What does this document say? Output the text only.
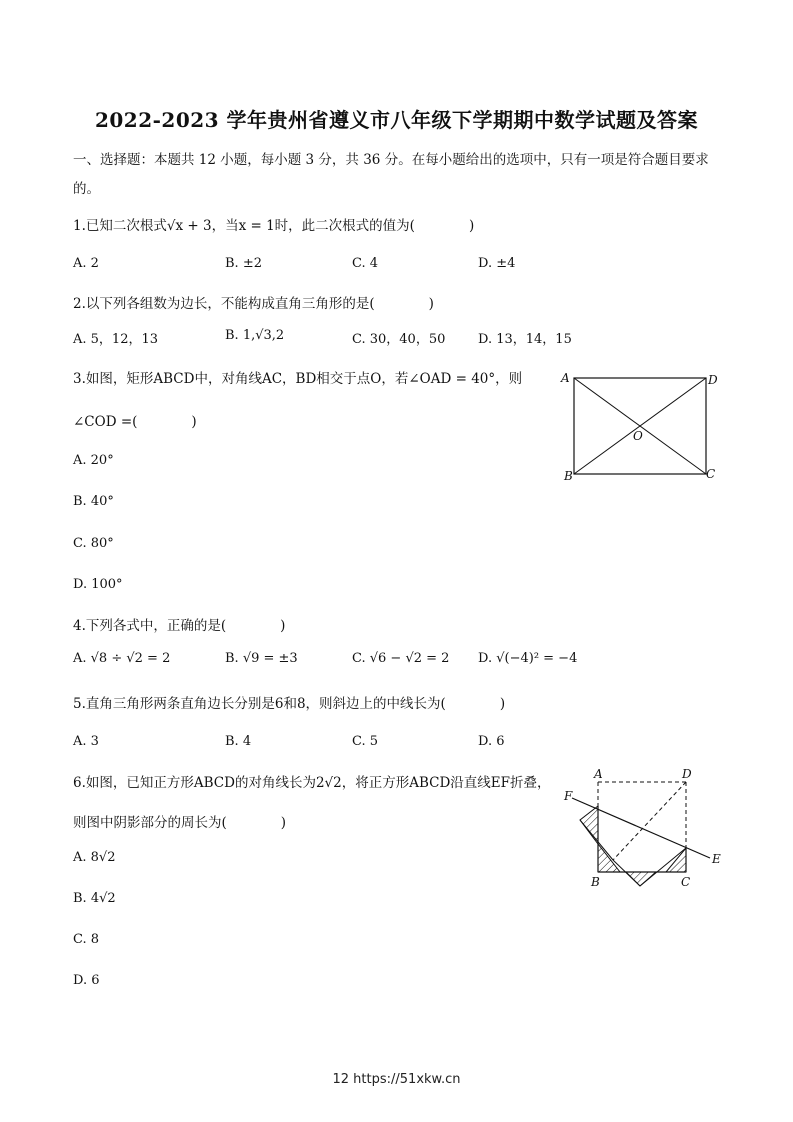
2022-2023 学年贵州省遵义市八年级下学期期中数学试题及答案
一、选择题：本题共 12 小题，每小题 3 分，共 36 分。在每小题给出的选项中，只有一项是符合题目要求
的。
1.已知二次根式√x + 3，当x = 1时，此二次根式的值为(　　　　)
A. 2	B. ±2	C. 4	D. ±4
2.以下列各组数为边长，不能构成直角三角形的是(　　　　)
A. 5，12，13	B. 1,√3,2	C. 30，40，50	D. 13，14，15
3.如图，矩形ABCD中，对角线AC，BD相交于点O，若∠OAD = 40°，则
∠COD =(　　　　)
A. 20°
B. 40°
C. 80°
D. 100°
A	D
B	C
O
4.下列各式中，正确的是(　　　　)
A. √8 ÷ √2 = 2	B. √9 = ±3	C. √6 − √2 = 2 D. √(−4)² = −4
5.直角三角形两条直角边长分别是6和8，则斜边上的中线长为(　　　　)
A. 3	B. 4	C. 5	D. 6
6.如图，已知正方形ABCD的对角线长为2√2，将正方形ABCD沿直线EF折叠，
则图中阴影部分的周长为(　　　　)
A. 8√2
B. 4√2
C. 8
D. 6
A	D
F
E
B	C
12 https://51xkw.cn
